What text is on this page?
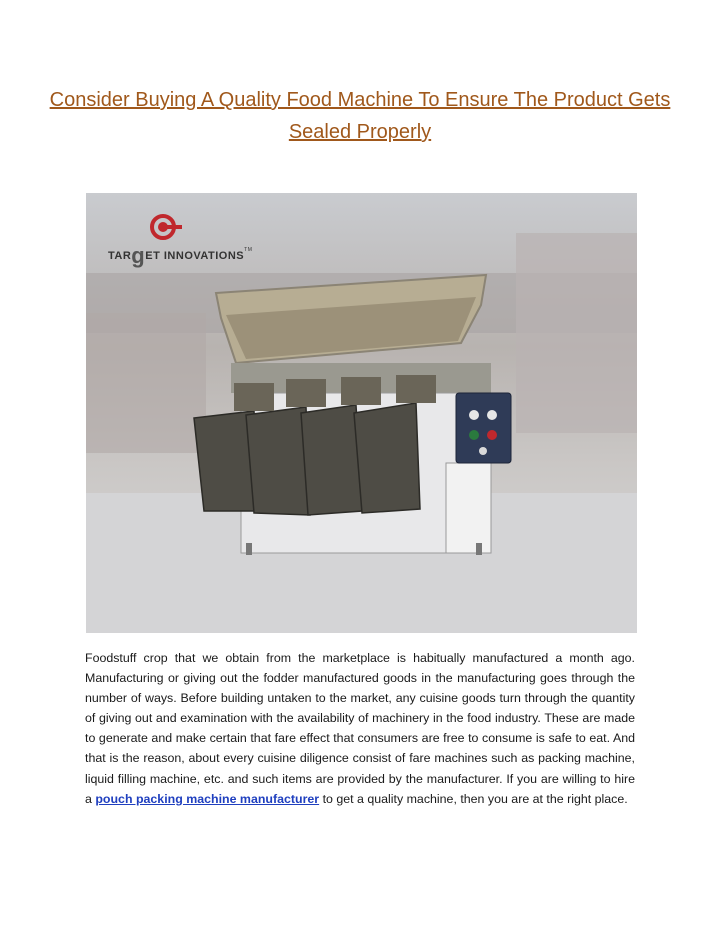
Consider Buying A Quality Food Machine To Ensure The Product Gets Sealed Properly
TARgET INNOVATIONS™

Foodstuff crop that we obtain from the marketplace is habitually manufactured a month ago. Manufacturing or giving out the fodder manufactured goods in the manufacturing goes through the number of ways. Before building untaken to the market, any cuisine goods turn through the quantity of giving out and examination with the availability of machinery in the food industry. These are made to generate and make certain that fare effect that consumers are free to consume is safe to eat. And that is the reason, about every cuisine diligence consist of fare machines such as packing machine, liquid filling machine, etc. and such items are provided by the manufacturer. If you are willing to hire a pouch packing machine manufacturer to get a quality machine, then you are at the right place.
